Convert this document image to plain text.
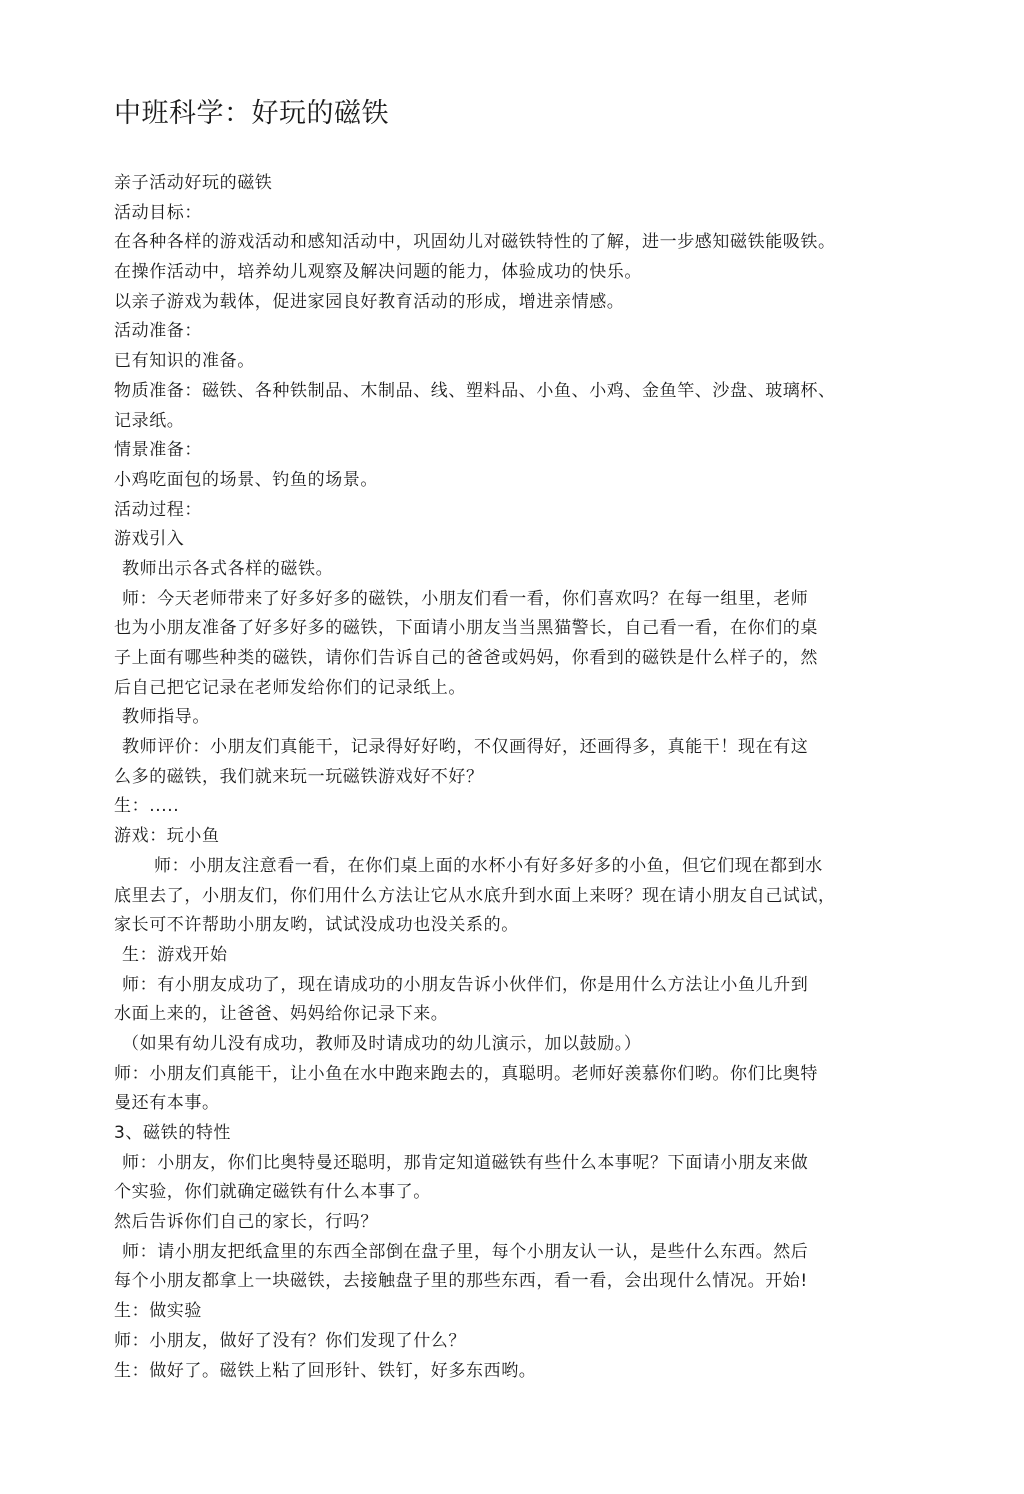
中班科学：好玩的磁铁
亲子活动好玩的磁铁
活动目标：
在各种各样的游戏活动和感知活动中，巩固幼儿对磁铁特性的了解，进一步感知磁铁能吸铁。
在操作活动中，培养幼儿观察及解决问题的能力，体验成功的快乐。
以亲子游戏为载体，促进家园良好教育活动的形成，增进亲情感。
活动准备：
已有知识的准备。
物质准备：磁铁、各种铁制品、木制品、线、塑料品、小鱼、小鸡、金鱼竿、沙盘、玻璃杯、
记录纸。
情景准备：
小鸡吃面包的场景、钓鱼的场景。
活动过程：
游戏引入
教师出示各式各样的磁铁。
师：今天老师带来了好多好多的磁铁，小朋友们看一看，你们喜欢吗？在每一组里，老师
也为小朋友准备了好多好多的磁铁，下面请小朋友当当黑猫警长，自己看一看，在你们的桌
子上面有哪些种类的磁铁，请你们告诉自己的爸爸或妈妈，你看到的磁铁是什么样子的，然
后自己把它记录在老师发给你们的记录纸上。
教师指导。
教师评价：小朋友们真能干，记录得好好哟，不仅画得好，还画得多，真能干！现在有这
么多的磁铁，我们就来玩一玩磁铁游戏好不好？
生：.....
游戏：玩小鱼
师：小朋友注意看一看，在你们桌上面的水杯小有好多好多的小鱼，但它们现在都到水
底里去了，小朋友们，你们用什么方法让它从水底升到水面上来呀？现在请小朋友自己试试，
家长可不许帮助小朋友哟，试试没成功也没关系的。
生：游戏开始
师：有小朋友成功了，现在请成功的小朋友告诉小伙伴们，你是用什么方法让小鱼儿升到
水面上来的，让爸爸、妈妈给你记录下来。
（如果有幼儿没有成功，教师及时请成功的幼儿演示，加以鼓励。）
师：小朋友们真能干，让小鱼在水中跑来跑去的，真聪明。老师好羡慕你们哟。你们比奥特
曼还有本事。
3、磁铁的特性
师：小朋友，你们比奥特曼还聪明，那肯定知道磁铁有些什么本事呢？下面请小朋友来做
个实验，你们就确定磁铁有什么本事了。
然后告诉你们自己的家长，行吗？
师：请小朋友把纸盒里的东西全部倒在盘子里，每个小朋友认一认，是些什么东西。然后
每个小朋友都拿上一块磁铁，去接触盘子里的那些东西，看一看，会出现什么情况。开始!
生：做实验
师：小朋友，做好了没有？你们发现了什么？
生：做好了。磁铁上粘了回形针、铁钉，好多东西哟。
